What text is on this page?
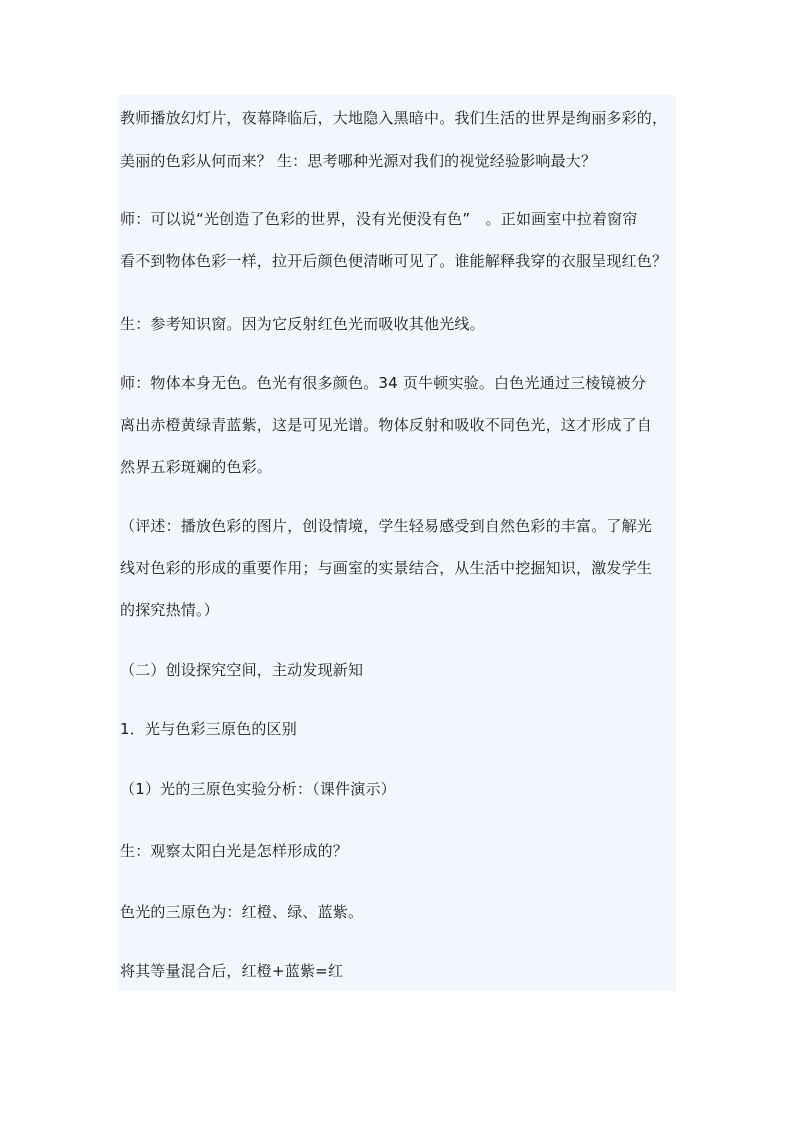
教师播放幻灯片，夜幕降临后，大地隐入黑暗中。我们生活的世界是绚丽多彩的，
美丽的色彩从何而来？ 生：思考哪种光源对我们的视觉经验影响最大？
师：可以说“光创造了色彩的世界，没有光便没有色”　。正如画室中拉着窗帘
看不到物体色彩一样，拉开后颜色便清晰可见了。谁能解释我穿的衣服呈现红色？
生：参考知识窗。因为它反射红色光而吸收其他光线。
师：物体本身无色。色光有很多颜色。34 页牛顿实验。白色光通过三棱镜被分
离出赤橙黄绿青蓝紫，这是可见光谱。物体反射和吸收不同色光，这才形成了自
然界五彩斑斓的色彩。
（评述：播放色彩的图片，创设情境，学生轻易感受到自然色彩的丰富。了解光
线对色彩的形成的重要作用；与画室的实景结合，从生活中挖掘知识，激发学生
的探究热情。）
（二）创设探究空间，主动发现新知
1．光与色彩三原色的区别
（1）光的三原色实验分析：（课件演示）
生：观察太阳白光是怎样形成的？
色光的三原色为：红橙、绿、蓝紫。
将其等量混合后，红橙+蓝紫=红
